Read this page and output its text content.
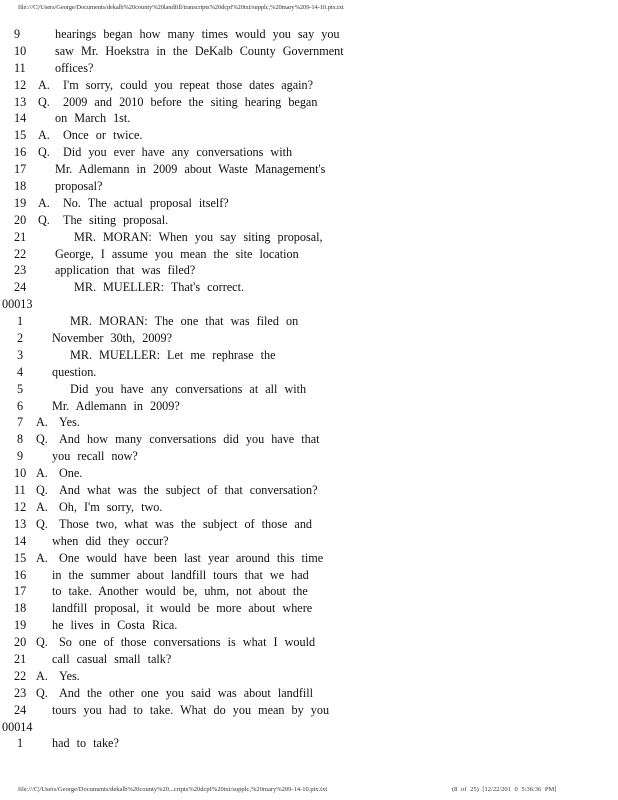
file:///C|/Users/George/Documents/dekalb%20county%20landfill/transcripts%20dcpf%20txt/supplc,%20mary%209-14-10.ptx.txt
9	hearings began how many times would you say you
10 saw Mr. Hoekstra in the DeKalb County Government
11 offices?
12 A. I'm sorry, could you repeat those dates again?
13 Q. 2009 and 2010 before the siting hearing began
14 on March 1st.
15 A. Once or twice.
16 Q. Did you ever have any conversations with
17 Mr. Adlemann in 2009 about Waste Management's
18 proposal?
19 A. No. The actual proposal itself?
20 Q. The siting proposal.
21	MR. MORAN: When you say siting proposal,
22 George, I assume you mean the site location
23 application that was filed?
24	MR. MUELLER: That's correct.
00013
1	MR. MORAN: The one that was filed on
2 November 30th, 2009?
3	MR. MUELLER: Let me rephrase the
4 question.
5	Did you have any conversations at all with
6 Mr. Adlemann in 2009?
7 A. Yes.
8 Q. And how many conversations did you have that
9 you recall now?
10 A. One.
11 Q. And what was the subject of that conversation?
12 A. Oh, I'm sorry, two.
13 Q. Those two, what was the subject of those and
14 when did they occur?
15 A. One would have been last year around this time
16 in the summer about landfill tours that we had
17 to take. Another would be, uhm, not about the
18 landfill proposal, it would be more about where
19 he lives in Costa Rica.
20 Q. So one of those conversations is what I would
21 call casual small talk?
22 A. Yes.
23 Q. And the other one you said was about landfill
24 tours you had to take. What do you mean by you
00014
1 had to take?
file:///C|/Users/George/Documents/dekalb%20county%20...cripts%20dcpf%20txt/supplc,%20mary%209-14-10.ptx.txt	(8 of 25) [12/22/201 0 5:36:36 PM]
